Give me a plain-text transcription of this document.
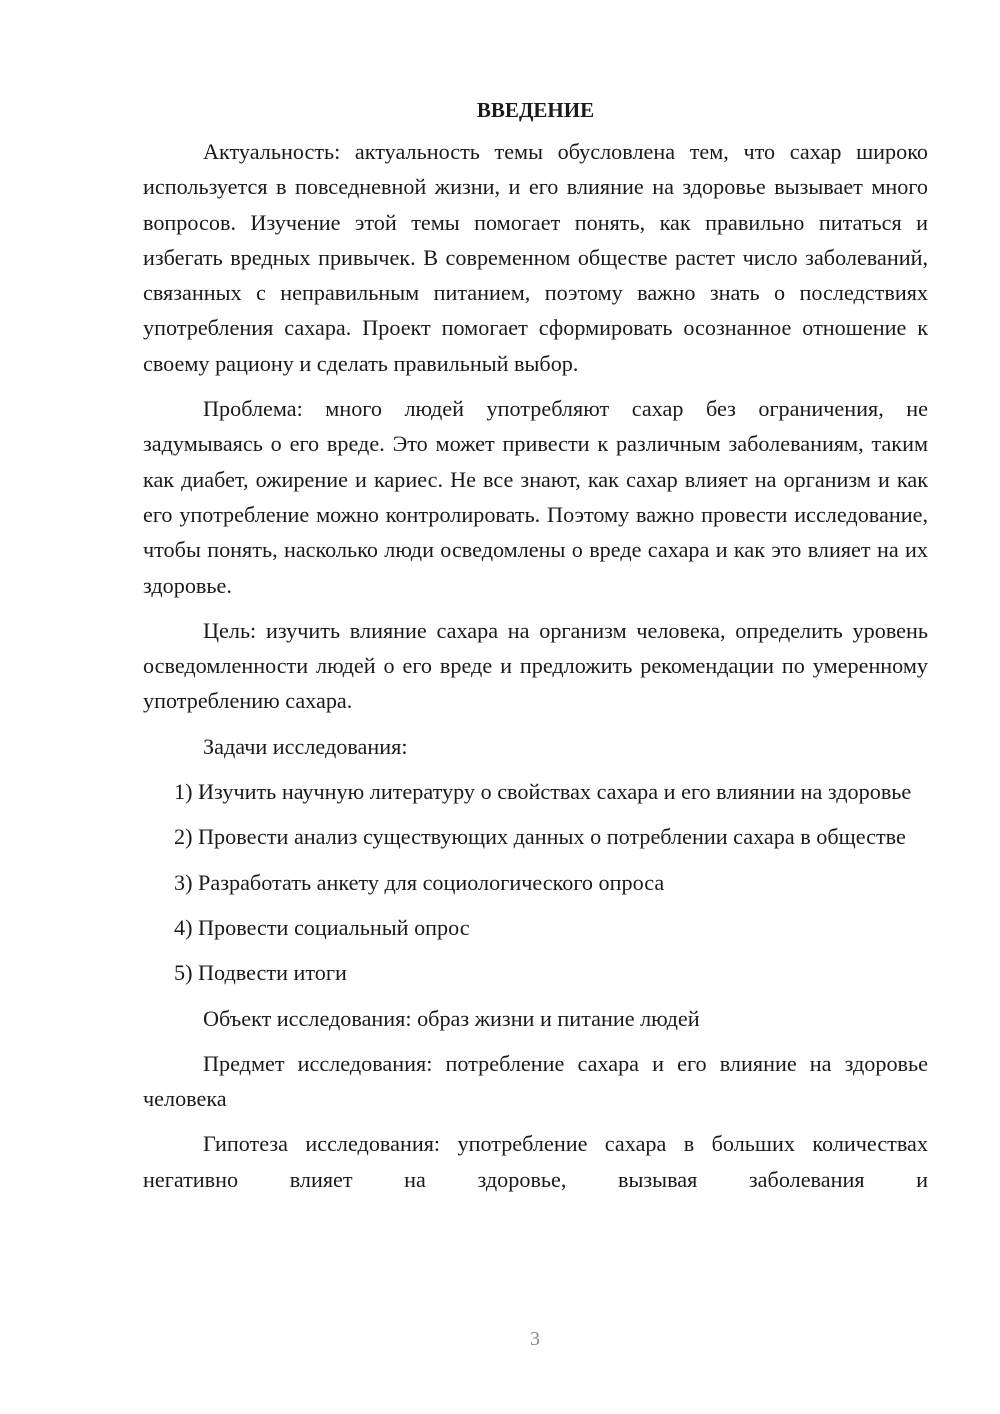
ВВЕДЕНИЕ

Актуальность: актуальность темы обусловлена тем, что сахар широко используется в повседневной жизни, и его влияние на здоровье вызывает много вопросов. Изучение этой темы помогает понять, как правильно питаться и избегать вредных привычек. В современном обществе растет число заболеваний, связанных с неправильным питанием, поэтому важно знать о последствиях употребления сахара. Проект помогает сформировать осознанное отношение к своему рациону и сделать правильный выбор.

Проблема: много людей употребляют сахар без ограничения, не задумываясь о его вреде. Это может привести к различным заболеваниям, таким как диабет, ожирение и кариес. Не все знают, как сахар влияет на организм и как его употребление можно контролировать. Поэтому важно провести исследование, чтобы понять, насколько люди осведомлены о вреде сахара и как это влияет на их здоровье.

Цель: изучить влияние сахара на организм человека, определить уровень осведомленности людей о его вреде и предложить рекомендации по умеренному употреблению сахара.

Задачи исследования:

1) Изучить научную литературу о свойствах сахара и его влиянии на здоровье

2) Провести анализ существующих данных о потреблении сахара в обществе

3) Разработать анкету для социологического опроса

4) Провести социальный опрос

5) Подвести итоги

Объект исследования: образ жизни и питание людей

Предмет исследования: потребление сахара и его влияние на здоровье человека

Гипотеза исследования: употребление сахара в больших количествах негативно влияет на здоровье, вызывая заболевания и

3
